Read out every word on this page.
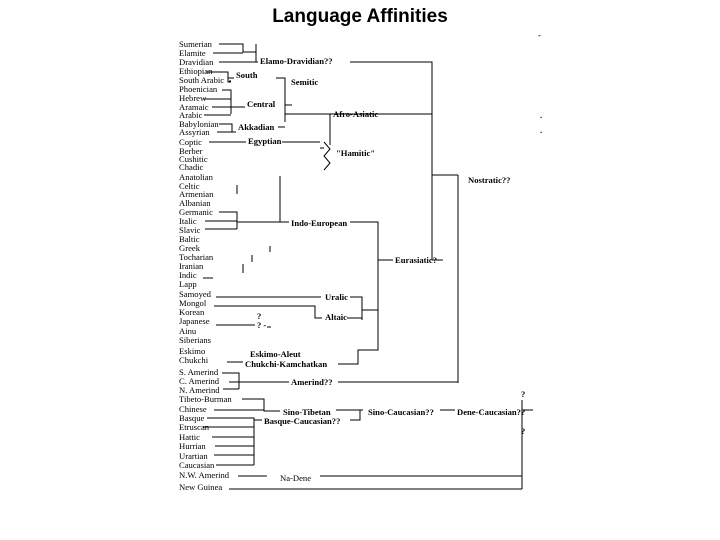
Language Affinities
Sumerian
Elamite
Dravidian
Ethiopian
South Arabic
Phoenician
Hebrew
Aramaic
Arabic
Babylonian
Assyrian
Coptic
Berber
Cushitic
Chadic
Anatolian
Celtic
Armenian
Albanian
Germanic
Italic
Slavic
Baltic
Greek
Tocharian
Iranian
Indic
Lapp
Samoyed
Mongol
Korean
Japanese
Ainu
Siberians
Eskimo
Chukchi
S. Amerind
C. Amerind
N. Amerind
Tibeto-Burman
Chinese
Basque
Etruscan
Hattic
Hurrian
Urartian
Caucasian
N.W. Amerind	Na-Dene
New Guinea
Elamo-Dravidian??
South
Semitic
Central
Akkadian
Egyptian
"Hamitic"
Afro-Asiatic
Nostratic??
Indo-European
Eurasiatic?
Uralic
Altaic
?
? -
Eskimo-Aleut
Chukchi-Kamchatkan
Amerind??
Sino-Tibetan
Basque-Caucasian??
Sino-Caucasian??	Dene-Caucasian??
?
?
-
.
.
